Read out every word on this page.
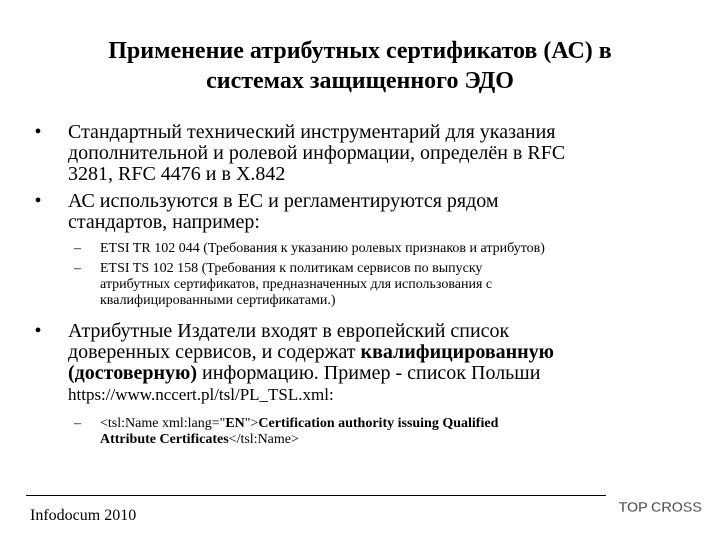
Применение атрибутных сертификатов (АС) в
системах защищенного ЭДО
•	Стандартный технический инструментарий для указания
дополнительной и ролевой информации, определён в RFC
3281, RFC 4476 и в X.842
•	АС используются в ЕС и регламентируются рядом
стандартов, например:
–	ETSI TR 102 044 (Требования к указанию ролевых признаков и атрибутов)
–	ETSI TS 102 158 (Требования к политикам сервисов по выпуску
атрибутных сертификатов, предназначенных для использования с
квалифицированными сертификатами.)
•	Атрибутные Издатели входят в европейский список
доверенных сервисов, и содержат квалифицированную
(достоверную) информацию. Пример - список Польши
https://www.nccert.pl/tsl/PL_TSL.xml:
–	<tsl:Name xml:lang="EN">Certification authority issuing Qualified
Attribute Certificates</tsl:Name>
Infodocum 2010	TOP CROSS
